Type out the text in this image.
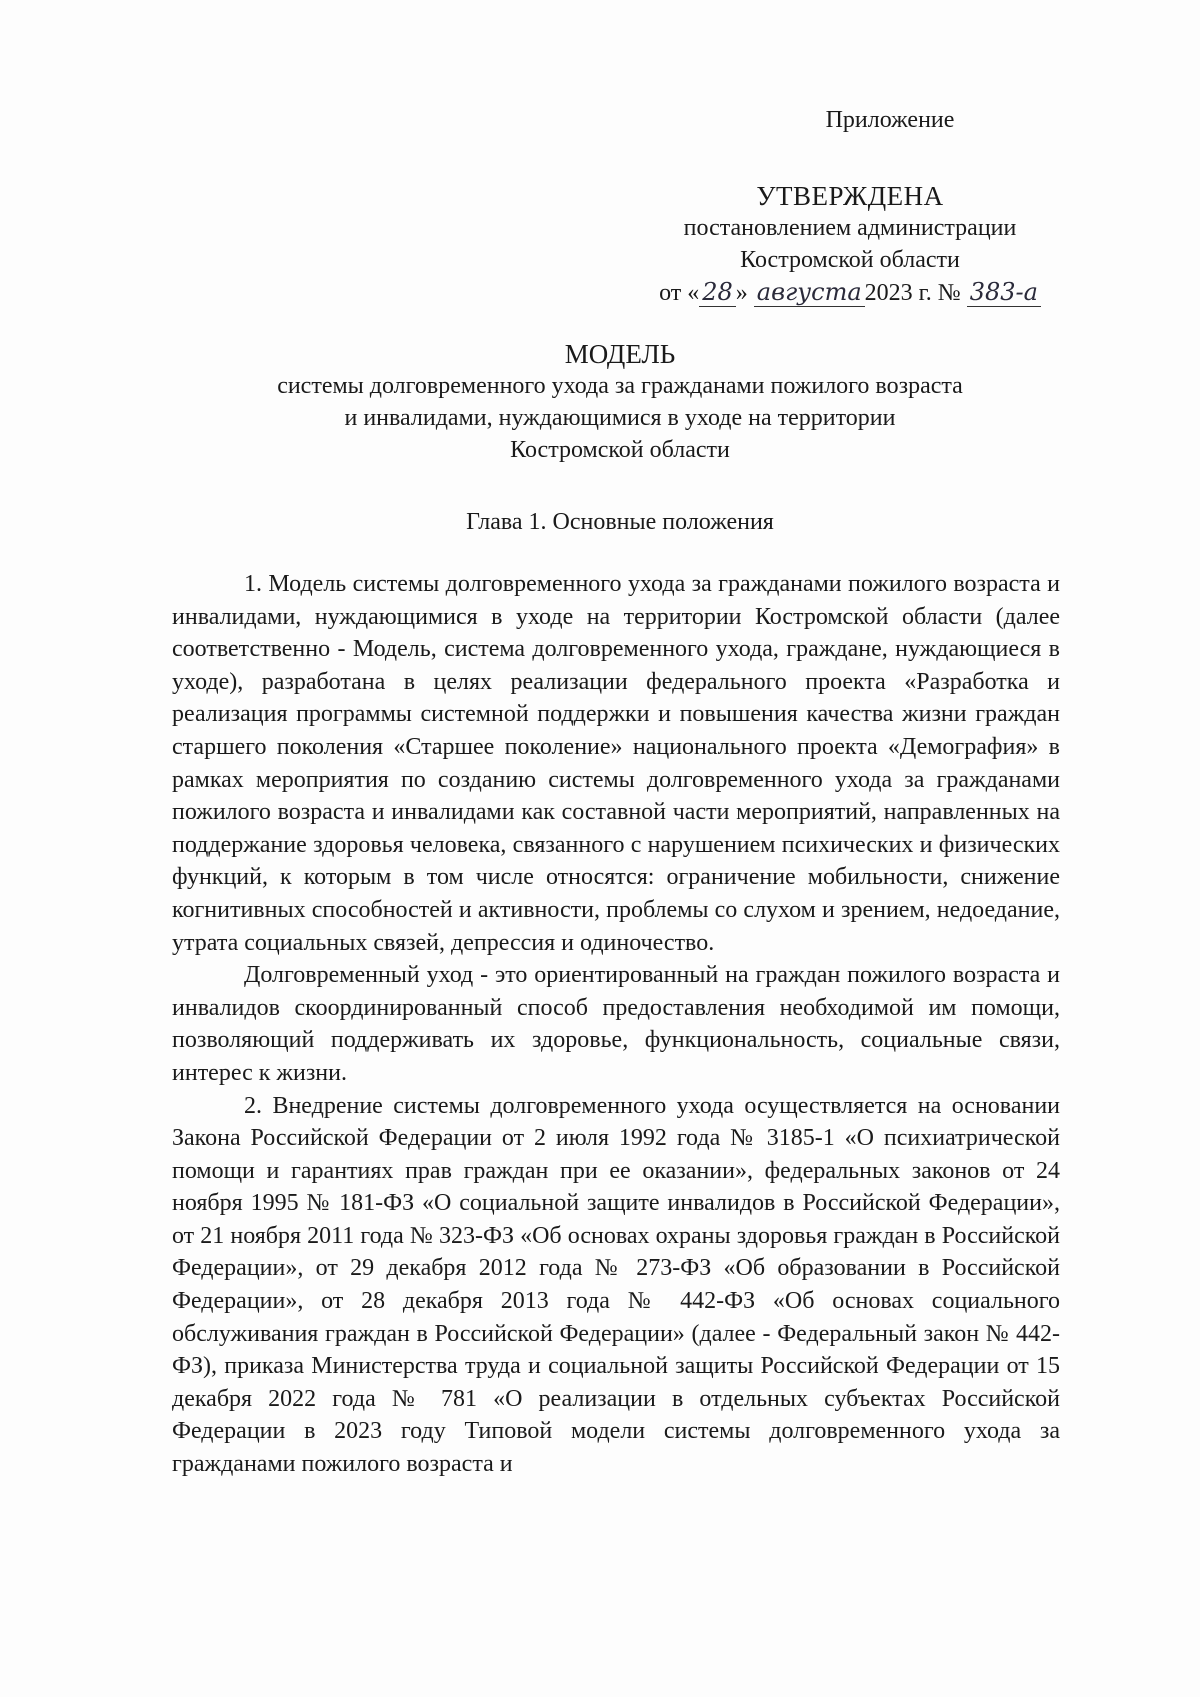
Приложение
УТВЕРЖДЕНА
постановлением администрации
Костромской области
от « 28 » августа 2023 г. № 383-а
МОДЕЛЬ
системы долговременного ухода за гражданами пожилого возраста
и инвалидами, нуждающимися в уходе на территории
Костромской области
Глава 1. Основные положения

1. Модель системы долговременного ухода за гражданами пожилого возраста и инвалидами, нуждающимися в уходе на территории Костромской области (далее соответственно - Модель, система долговременного ухода, граждане, нуждающиеся в уходе), разработана в целях реализации федерального проекта «Разработка и реализация программы системной поддержки и повышения качества жизни граждан старшего поколения «Старшее поколение» национального проекта «Демография» в рамках мероприятия по созданию системы долговременного ухода за гражданами пожилого возраста и инвалидами как составной части мероприятий, направленных на поддержание здоровья человека, связанного с нарушением психических и физических функций, к которым в том числе относятся: ограничение мобильности, снижение когнитивных способностей и активности, проблемы со слухом и зрением, недоедание, утрата социальных связей, депрессия и одиночество.

Долговременный уход - это ориентированный на граждан пожилого возраста и инвалидов скоординированный способ предоставления необходимой им помощи, позволяющий поддерживать их здоровье, функциональность, социальные связи, интерес к жизни.

2. Внедрение системы долговременного ухода осуществляется на основании Закона Российской Федерации от 2 июля 1992 года № 3185-1 «О психиатрической помощи и гарантиях прав граждан при ее оказании», федеральных законов от 24 ноября 1995 № 181-ФЗ «О социальной защите инвалидов в Российской Федерации», от 21 ноября 2011 года № 323-ФЗ «Об основах охраны здоровья граждан в Российской Федерации», от 29 декабря 2012 года № 273-ФЗ «Об образовании в Российской Федерации», от 28 декабря 2013 года № 442-ФЗ «Об основах социального обслуживания граждан в Российской Федерации» (далее - Федеральный закон № 442-ФЗ), приказа Министерства труда и социальной защиты Российской Федерации от 15 декабря 2022 года № 781 «О реализации в отдельных субъектах Российской Федерации в 2023 году Типовой модели системы долговременного ухода за гражданами пожилого возраста и
